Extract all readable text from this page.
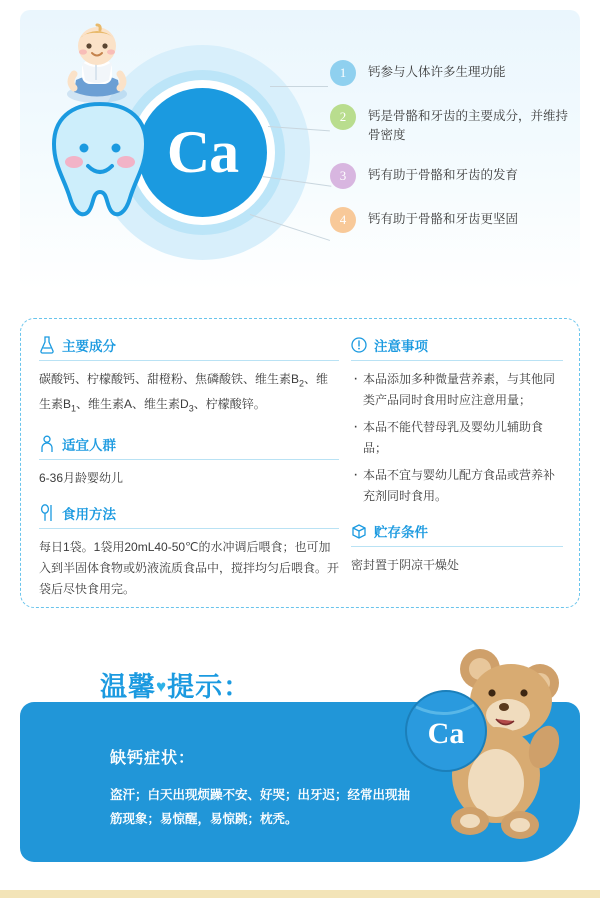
Ca
1	钙参与人体许多生理功能
2	钙是骨骼和牙齿的主要成分，并维持骨密度
3	钙有助于骨骼和牙齿的发育
4	钙有助于骨骼和牙齿更坚固
主要成分
碳酸钙、柠檬酸钙、甜橙粉、焦磷酸铁、维生素$B_2$、维生素$B_1$、维生素A、维生素$D_3$、柠檬酸锌。
适宜人群
6-36月龄婴幼儿
食用方法
每日1袋。1袋用20mL40-50℃的水冲调后喂食；也可加入到半固体食物或奶液流质食品中，搅拌均匀后喂食。开袋后尽快食用完。
注意事项
· 本品添加多种微量营养素，与其他同类产品同时食用时应注意用量；
· 本品不能代替母乳及婴幼儿辅助食品；
· 本品不宜与婴幼儿配方食品或营养补充剂同时食用。
贮存条件
密封置于阴凉干燥处
温馨♥提示：
缺钙症状：
盗汗；白天出现烦躁不安、好哭；出牙迟；经常出现抽筋现象；易惊醒，易惊跳；枕秃。
Ca
